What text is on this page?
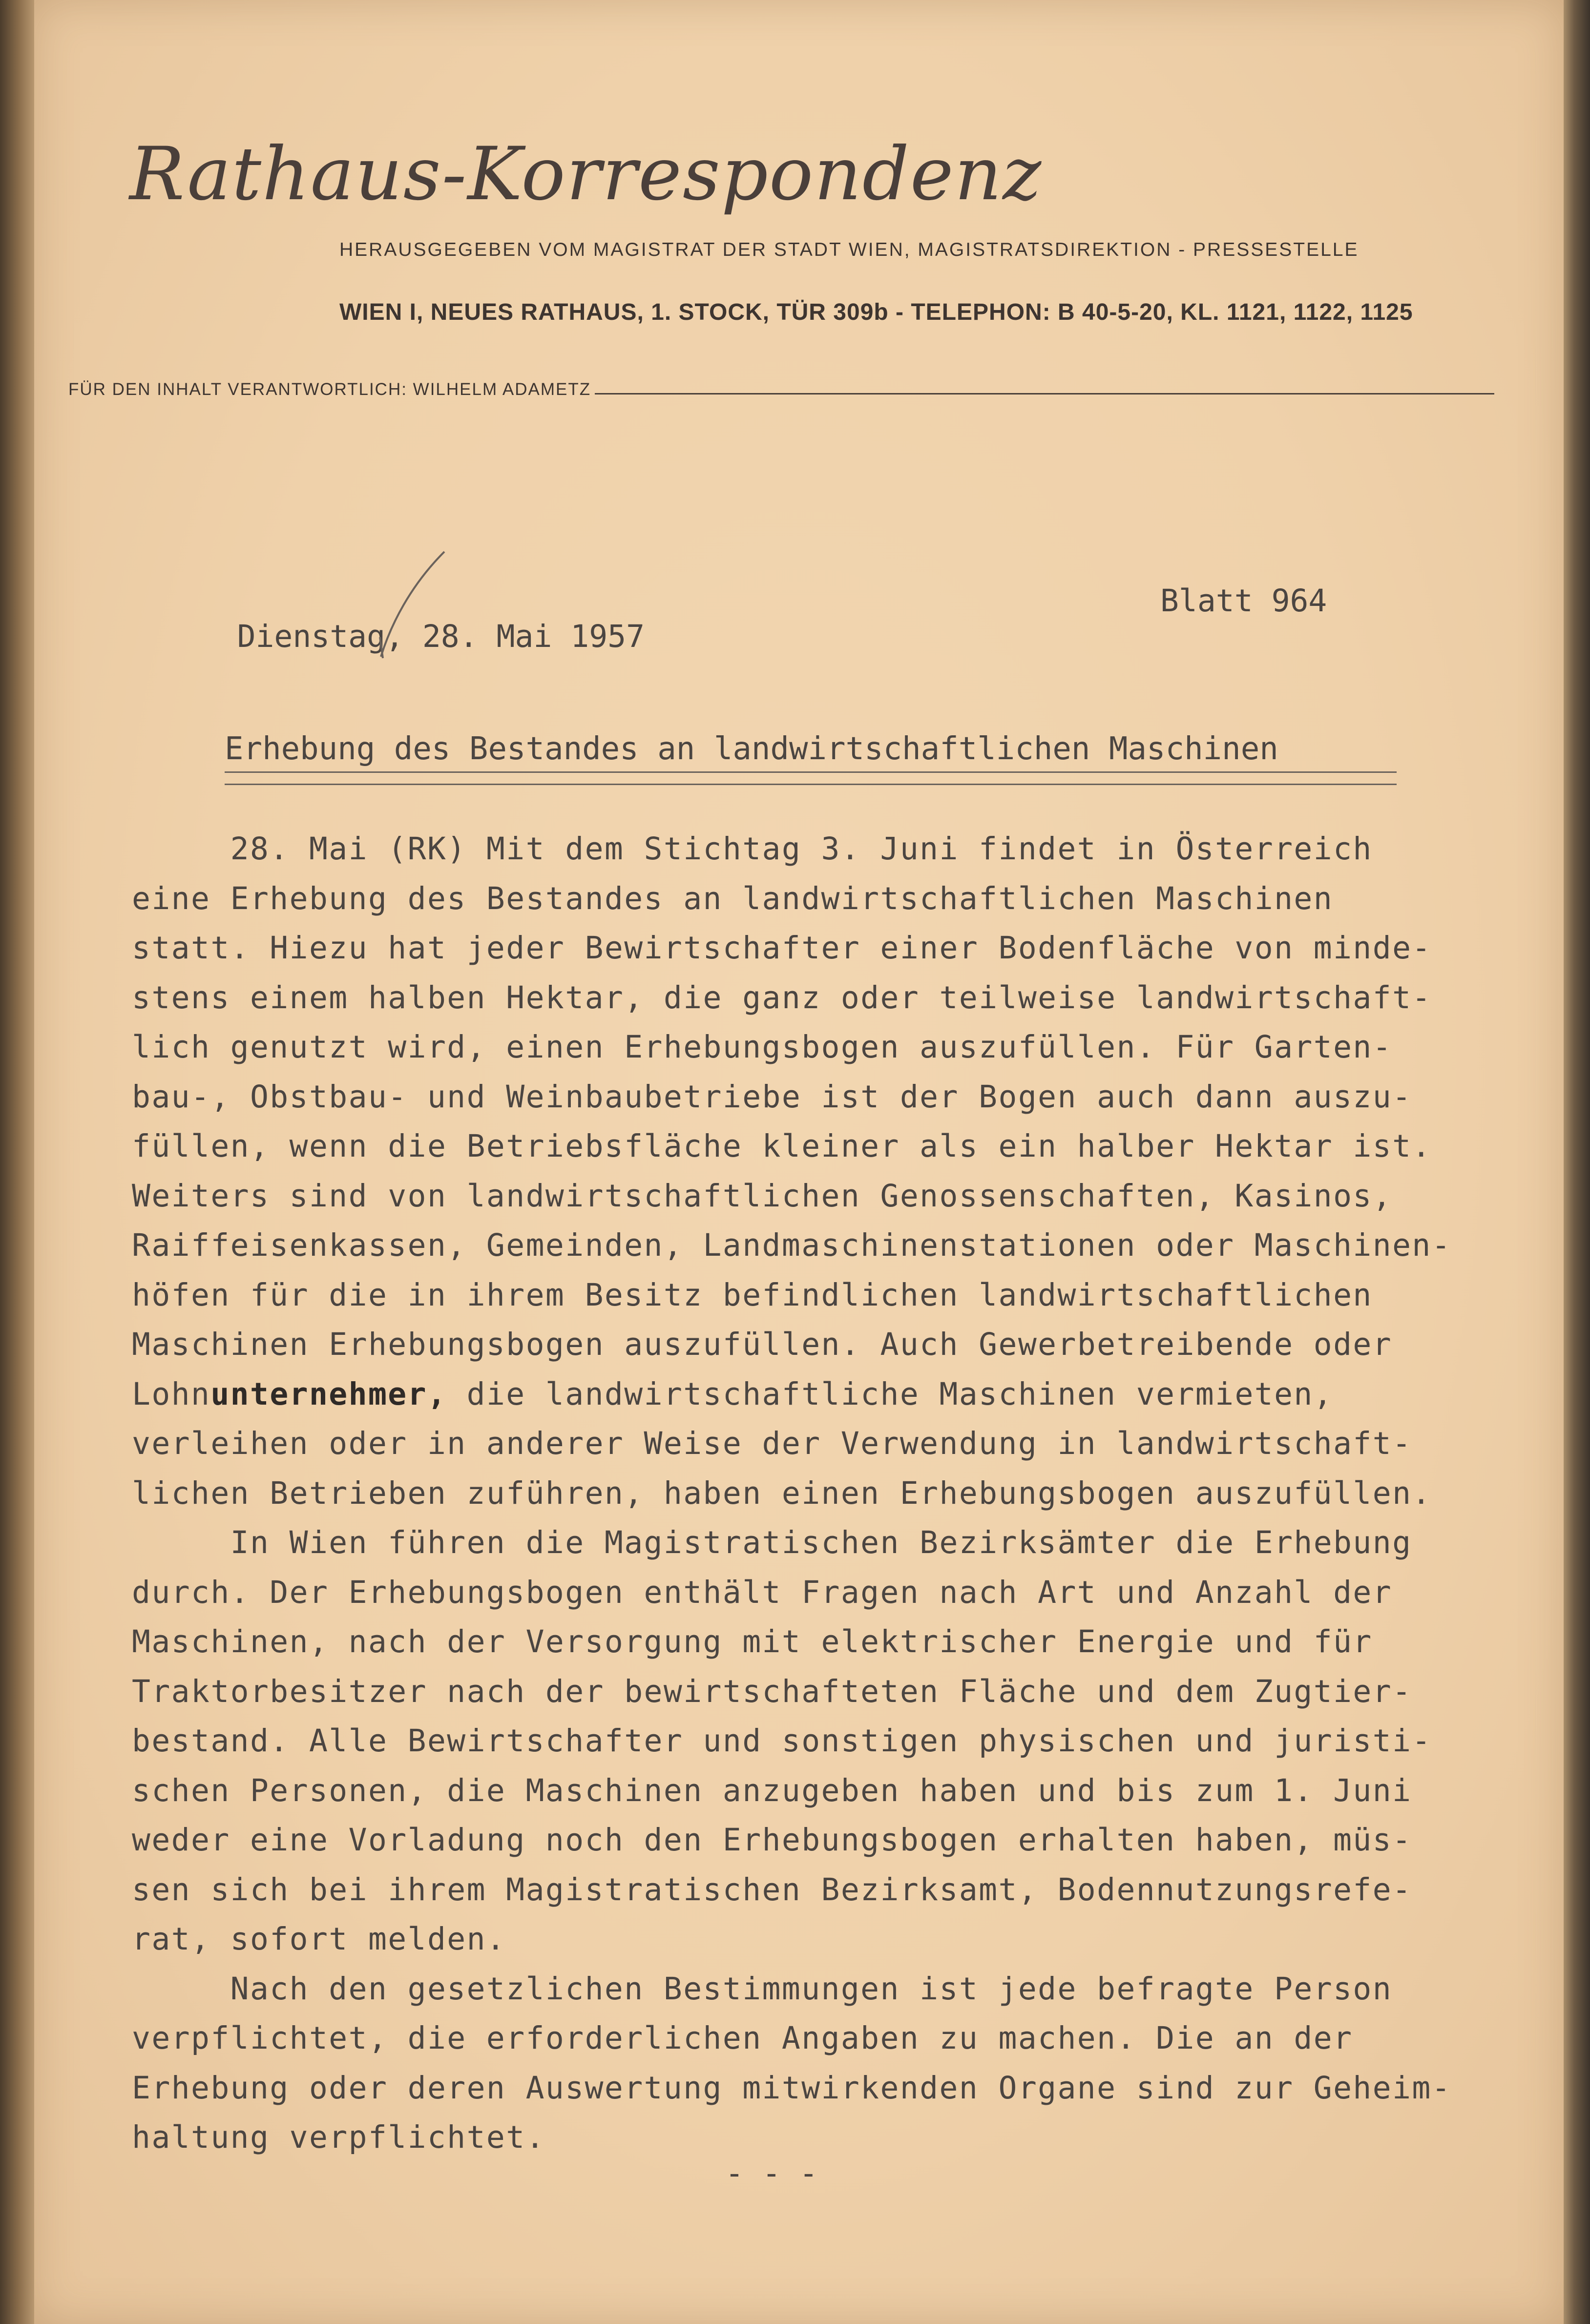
Rathaus-Korrespondenz
HERAUSGEGEBEN VOM MAGISTRAT DER STADT WIEN, MAGISTRATSDIREKTION - PRESSESTELLE
WIEN I, NEUES RATHAUS, 1. STOCK, TÜR 309b - TELEPHON: B 40-5-20, KL. 1121, 1122, 1125
FÜR DEN INHALT VERANTWORTLICH: WILHELM ADAMETZ

Dienstag, 28. Mai 1957

Blatt 964

Erhebung des Bestandes an landwirtschaftlichen Maschinen
28. Mai (RK) Mit dem Stichtag 3. Juni findet in Österreich
eine Erhebung des Bestandes an landwirtschaftlichen Maschinen
statt. Hiezu hat jeder Bewirtschafter einer Bodenfläche von minde-
stens einem halben Hektar, die ganz oder teilweise landwirtschaft-
lich genutzt wird, einen Erhebungsbogen auszufüllen. Für Garten-
bau-, Obstbau- und Weinbaubetriebe ist der Bogen auch dann auszu-
füllen, wenn die Betriebsfläche kleiner als ein halber Hektar ist.
Weiters sind von landwirtschaftlichen Genossenschaften, Kasinos,
Raiffeisenkassen, Gemeinden, Landmaschinenstationen oder Maschinen-
höfen für die in ihrem Besitz befindlichen landwirtschaftlichen
Maschinen Erhebungsbogen auszufüllen. Auch Gewerbetreibende oder
Lohnunternehmer, die landwirtschaftliche Maschinen vermieten,
verleihen oder in anderer Weise der Verwendung in landwirtschaft-
lichen Betrieben zuführen, haben einen Erhebungsbogen auszufüllen.
In Wien führen die Magistratischen Bezirksämter die Erhebung
durch. Der Erhebungsbogen enthält Fragen nach Art und Anzahl der
Maschinen, nach der Versorgung mit elektrischer Energie und für
Traktorbesitzer nach der bewirtschafteten Fläche und dem Zugtier-
bestand. Alle Bewirtschafter und sonstigen physischen und juristi-
schen Personen, die Maschinen anzugeben haben und bis zum 1. Juni
weder eine Vorladung noch den Erhebungsbogen erhalten haben, müs-
sen sich bei ihrem Magistratischen Bezirksamt, Bodennutzungsrefe-
rat, sofort melden.
Nach den gesetzlichen Bestimmungen ist jede befragte Person
verpflichtet, die erforderlichen Angaben zu machen. Die an der
Erhebung oder deren Auswertung mitwirkenden Organe sind zur Geheim-
haltung verpflichtet.
- - -
